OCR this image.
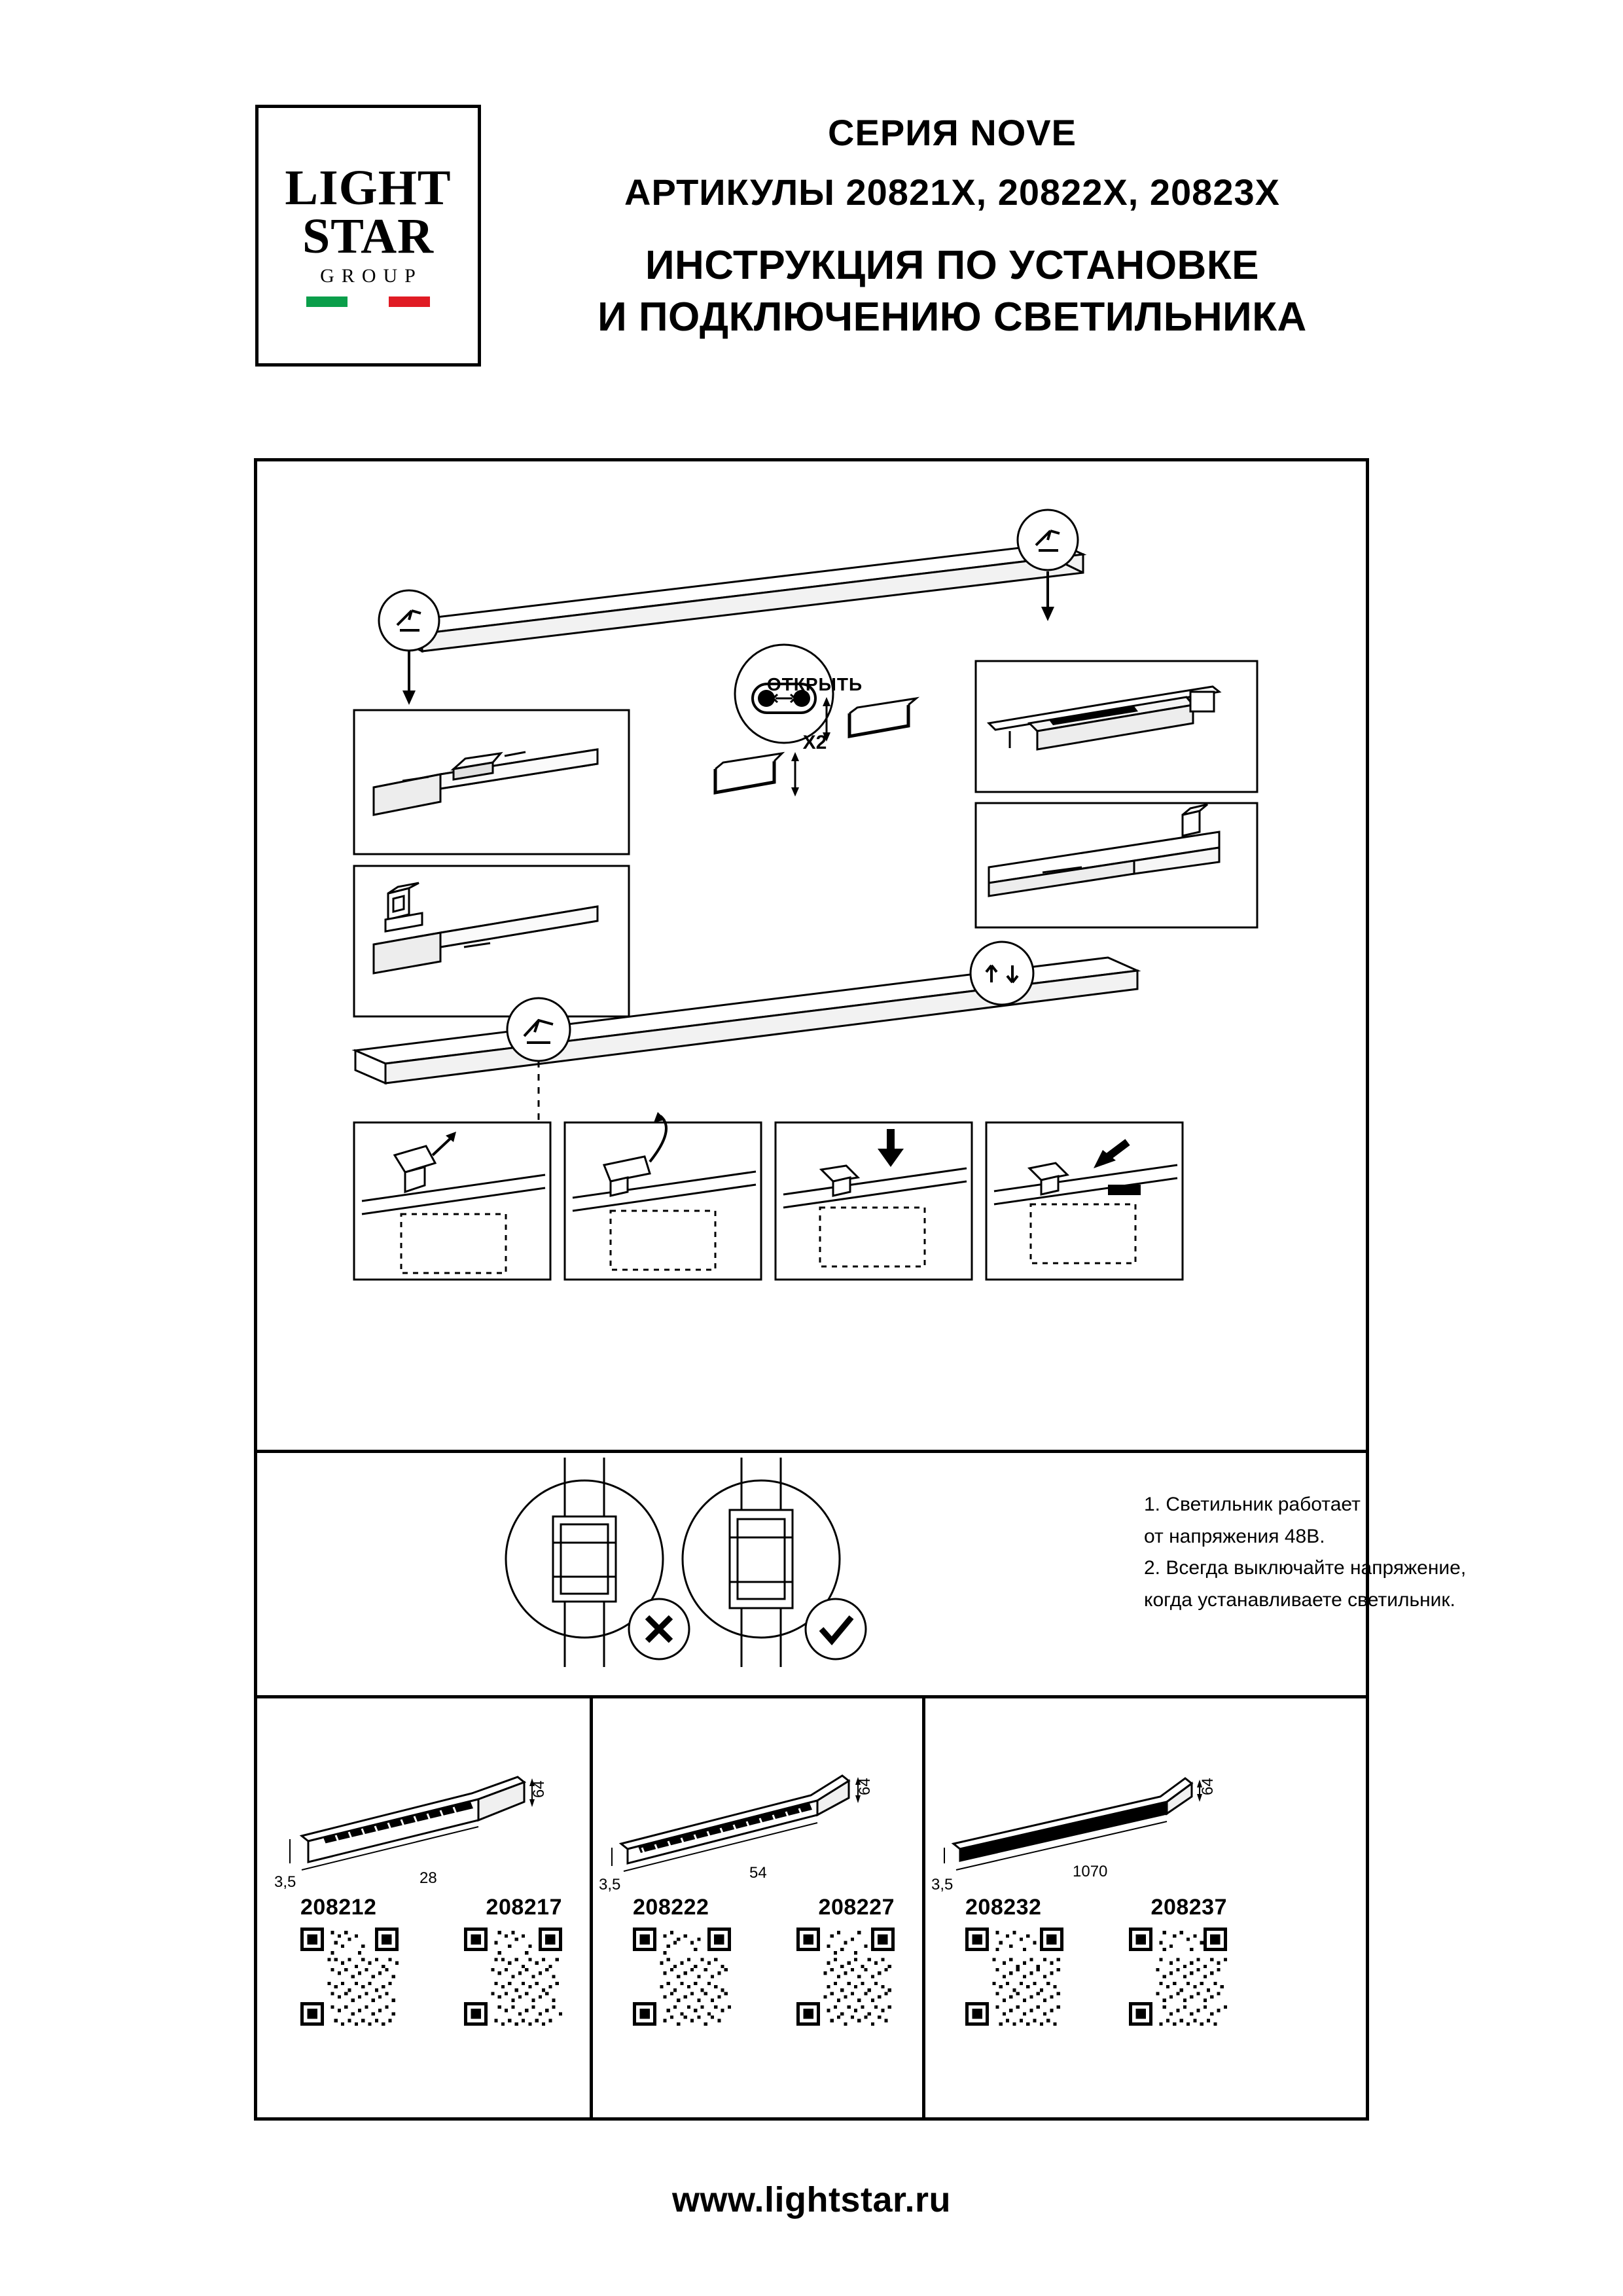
LIGHT
STAR
GROUP
СЕРИЯ NOVE
АРТИКУЛЫ 20821X, 20822X, 20823X
ИНСТРУКЦИЯ ПО УСТАНОВКЕ
И ПОДКЛЮЧЕНИЮ СВЕТИЛЬНИКА
1. Светильник работает
от напряжения 48В.
2. Всегда выключайте напряжение,
когда устанавливаете светильник.
64
28
3,5
208212	208217
64
54
3,5
208222	208227
64
1070
3,5
208232	208237
ОТКРЫТЬ
X2
www.lightstar.ru
